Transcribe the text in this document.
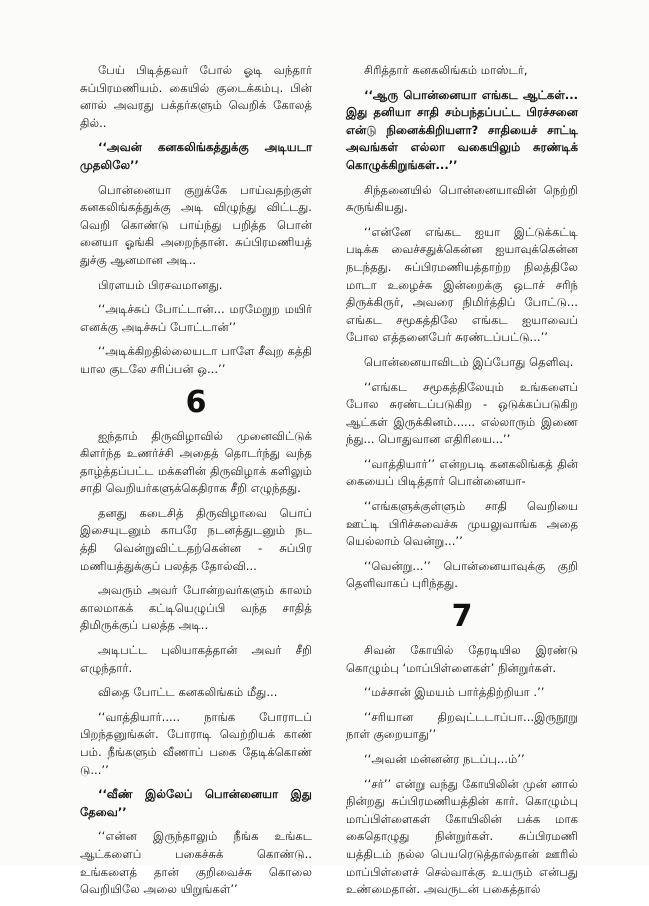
பேய் பிடித்தவர் போல் ஓடி வந்தார் சுப்பிரமணியம். கையில் குடைக்கம்பு. பின் னால் அவரது பக்தர்களும் வெறிக் கோலத் தில்..

‘‘அவன் கனகலிங்கத்துக்கு அடியடா முதலிலே’’

பொன்னையா குறுக்கே பாய்வதற்குள் கனகலிங்கத்துக்கு அடி விழுந்து விட்டது. வெறி கொண்டு பாய்ந்து பறித்த பொன் னையா ஓங்கி அறைந்தான். சுப்பிரமணியத் துச்கு ஆனமான அடி..

பிரளயம் பிரசவமானது.

‘‘அடிச்சுப் போட்டான்... மரமேறுற மயிர் எனக்கு அடிச்சுப் போட்டான்’’

‘‘அடிக்கிறதில்லையடா பாளே சீவுற கத்தி யால குடலே சரிப்பன் ஒ...’’

6

ஐந்தாம் திருவிழாவில் முனைவிட்டுக் கிளர்ந்த உணர்ச்சி அதைத் தொடர்ந்து வந்த தாழ்த்தப்பட்ட மக்களின் திருவிழாக் களிலும் சாதி வெறியர்களுக்கெதிராக சீறி எழுந்தது.

தனது கடைசித் திருவிழாவை பொப் இசையுடனும் காபரே நடனத்துடனும் நட த்தி வென்றுவிட்டதற்கென்ன - சுப்பிர மணியத்துக்குப் பலத்த தோல்வி...

அவரும் அவர் போன்றவர்களும் காலம் காலமாகக் கட்டியெழுப்பி வந்த சாதித் திமிருக்குப் பலத்த அடி..

அடிபட்ட புலியாகத்தான் அவர் சீறி எழுந்தார்.

விதை போட்ட கனகலிங்கம் மீது...

‘‘வாத்தியார்..... நாங்க போராடப் பிறந்தனுங்கள். போராடி வெற்றியக் காண் பம். நீங்களும் வீணாப் பகை தேடிக்கொண் டு...’’

‘‘வீண் இல்லேப் பொன்னையா இது தேவை’’

‘‘என்ன இருந்தாலும் நீங்க உங்கட ஆட்களைப் பகைச்சுக் கொண்டு.. உங்களைத் தான் குறிவைச்சு கொலை வெறியிலே அலை யிறுங்கள்’’

சிரித்தார் கனகலிங்கம் மாஸ்டர்,

‘‘ஆரு பொன்னையா எங்கட ஆட்கள்... இது தனியா சாதி சம்பந்தப்பட்ட பிரச்சனை என்டு நினைக்கிறியளா? சாதியைச் சாட்டி அவங்கள் எல்லா வகையிலும் சுரண்டிக் கொழுக்கிறுங்கள்...’’

சிந்தனையில் பொன்னையாவின் நெற்றி சுருங்கியது.

‘‘என்னே எங்கட ஐயா இட்டுக்கட்டி படிக்க வைச்சதுக்கென்ன ஐயாவுக்கென்ன நடந்தது. சுப்பிரமணியத்தாற்ற நிலத்திலே மாடா உழைச்சு இன்றைக்கு ஒடாச் சரிந் திருக்கிருர், அவரை நிமிர்த்திப் போட்டு... எங்கட சமூகத்திலே எங்கட ஐயாவைப் போல எத்தனைபேர் சுரண்டப்பட்டு...’’

பொன்னையாவிடம் இப்போது தெளிவு.

‘‘எங்கட சமூகத்திலேயும் உங்களைப் போல சுரண்டப்படுகிற - ஒடுக்கப்படுகிற ஆட்கள் இருக்கினம்...... எல்லாரும் இணை ந்து... பொதுவான எதிரியை...’’

‘‘வாத்தியார்’’ என்றபடி கனகலிங்கத் தின் கையைப் பிடித்தார் பொன்னையா-

‘‘எங்களுக்குள்ளும் சாதி வெறியை ஊட்டி பிரிச்சுவைச்சு முயலுவாங்க அதை யெல்லாம் வென்று...’’

‘‘வென்று...’’ பொன்னையாவுக்கு குறி தெளிவாகப் புரிந்தது.

7

சிவன் கோயில் தேரடியில இரண்டு கொழும்பு ‘மாப்பிள்ளைகள்’ நின்றுர்கள்.

‘‘மச்சான் இமயம் பார்த்திற்றியா .’’

‘‘சரியான திறவுட்டடாப்பா...இருநூறு நாள் குறையாது’’

‘‘அவன் மன்னன்ர நடப்பு...ம்’’

‘‘சர்’’ என்று வந்து கோயிலின் முன் னால் நின்றது சுப்பிரமணியத்தின் கார். கொழும்பு மாப்பிள்ளைகள் கோயிலின் பக்க மாக கைதொழுது நின்றுர்கள். சுப்பிரமணி யத்திடம் நல்ல பெயரெடுத்தால்தான் ஊரில் மாப்பிள்ளைச் செல்வாக்கு உயரும் என்பது உண்மைதான். அவருடன் பகைத்தால்
